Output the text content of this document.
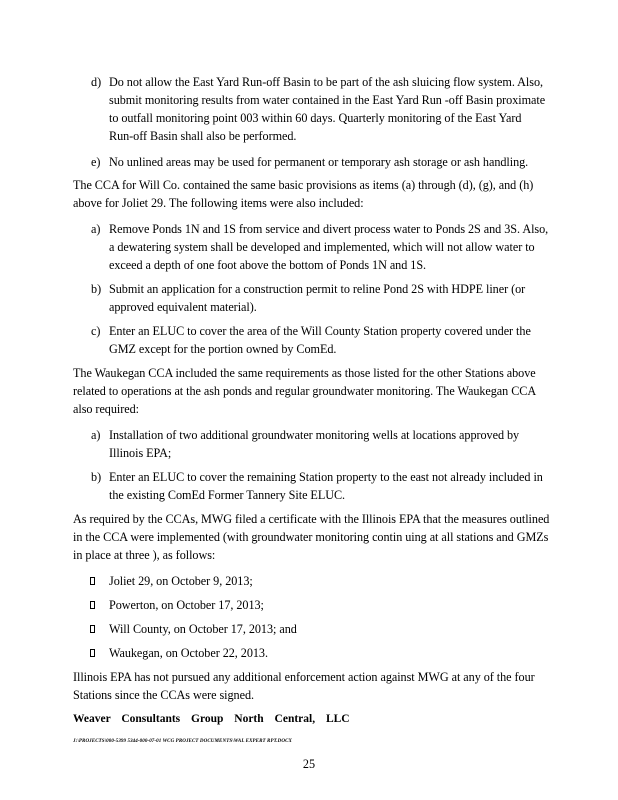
d) Do not allow the East Yard Run-off Basin to be part of the ash sluicing flow system. Also,
submit monitoring results from water contained in the East Yard Run -off Basin proximate
to outfall monitoring point 003 within 60 days. Quarterly monitoring of the East Yard
Run-off Basin shall also be performed.
e) No unlined areas may be used for permanent or temporary ash storage or ash handling.
The CCA for Will Co. contained the same basic provisions as items (a) through (d), (g), and (h)
above for Joliet 29. The following items were also included:
a) Remove Ponds 1N and 1S from service and divert process water to Ponds 2S and 3S. Also,
a dewatering system shall be developed and implemented, which will not allow water to
exceed a depth of one foot above the bottom of Ponds 1N and 1S.
b) Submit an application for a construction permit to reline Pond 2S with HDPE liner (or
approved equivalent material).
c) Enter an ELUC to cover the area of the Will County Station property covered under the
GMZ except for the portion owned by ComEd.
The Waukegan CCA included the same requirements as those listed for the other Stations above
related to operations at the ash ponds and regular groundwater monitoring. The Waukegan CCA
also required:
a) Installation of two additional groundwater monitoring wells at locations approved by
Illinois EPA;
b) Enter an ELUC to cover the remaining Station property to the east not already included in
the existing ComEd Former Tannery Site ELUC.
As required by the CCAs, MWG filed a certificate with the Illinois EPA that the measures outlined
in the CCA were implemented (with groundwater monitoring contin uing at all stations and GMZs
in place at three ), as follows:
Joliet 29, on October 9, 2013;
Powerton, on October 17, 2013;
Will County, on October 17, 2013; and
Waukegan, on October 22, 2013.
Illinois EPA has not pursued any additional enforcement action against MWG at any of the four
Stations since the CCAs were signed.
Weaver Consultants Group North Central, LLC
J:\PROJECTS\000-5399 5344-000-07-01 WCG PROJECT DOCUMENTS\WAL EXPERT RPT.DOCX
25
